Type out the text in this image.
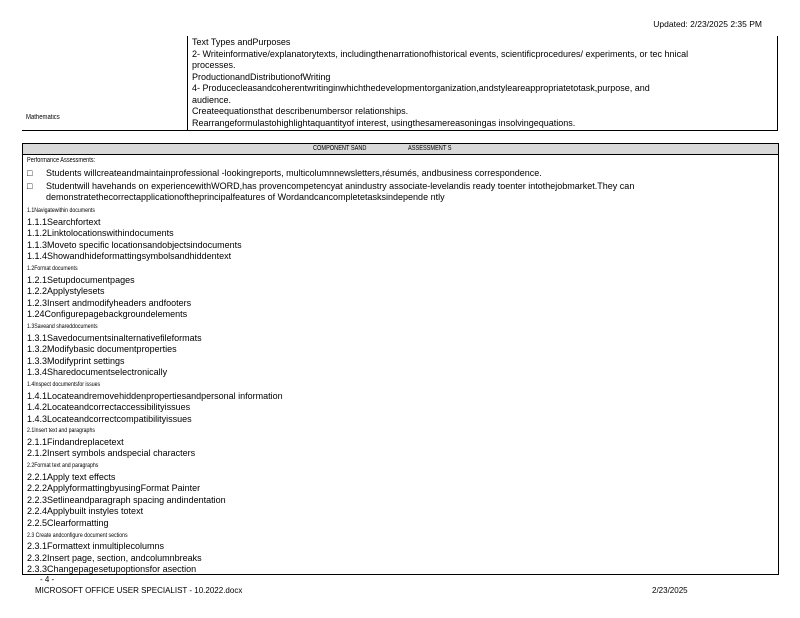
Updated: 2/23/2025 2:35 PM
Mathematics
Text Types andPurposes
2- Writeinformative/explanatorytexts, includingthenarrationofhistorical events, scientificprocedures/ experiments, or tec hnical
processes.
ProductionandDistributionofWriting
4- Producecleasandcoherentwritinginwhichthedevelopmentorganization,andstyleareappropriatetotask,purpose, and
audience.
Createequationsthat describenumbersor relationships.
Rearrangeformulastohighlightaquantityof interest, usingthesamereasoningas insolvingequations.
COMPONENT SAND	ASSESSMENT S
Performance Assessments:
□ Students willcreateandmaintainprofessional -lookingreports, multicolumnnewsletters,résumés, andbusiness correspondence.
□ Studentwill havehands on experiencewithWORD,has provencompetencyat anindustry associate-levelandis ready toenter intothejobmarket.They can demonstratethecorrectapplicationoftheprincipalfeatures of Wordandcancompletetasksindepende ntly
1.1Navigatewithin documents
1.1.1Searchfortext
1.1.2Linktolocationswithindocuments
1.1.3Moveto specific locationsandobjectsindocuments
1.1.4Showandhideformattingsymbolsandhiddentext
1.2Format documents
1.2.1Setupdocumentpages
1.2.2Applystylesets
1.2.3Insert andmodifyheaders andfooters
1.24Configurepagebackgroundelements
1.3Saveand shareddocuments
1.3.1Savedocumentsinalternativefileformats
1.3.2Modifybasic documentproperties
1.3.3Modifyprint settings
1.3.4Sharedocumentselectronically
1.4Inspect documentsfor issues
1.4.1Locateandremovehiddenpropertiesandpersonal information
1.4.2Locateandcorrectaccessibilityissues
1.4.3Locateandcorrectcompatibilityissues
2.1Insert text and paragraphs
2.1.1Findandreplacetext
2.1.2Insert symbols andspecial characters
2.2Format text and paragraphs
2.2.1Apply text effects
2.2.2ApplyformattingbyusingFormat Painter
2.2.3Setlineandparagraph spacing andindentation
2.2.4Applybuilt instyles totext
2.2.5Clearformatting
2.3 Create andconfigure document sections
2.3.1Formattext inmultiplecolumns
2.3.2Insert page, section, andcolumnbreaks
2.3.3Changepagesetupoptionsfor asection
- 4 -
MICROSOFT OFFICE USER SPECIALIST - 10.2022.docx	2/23/2025
